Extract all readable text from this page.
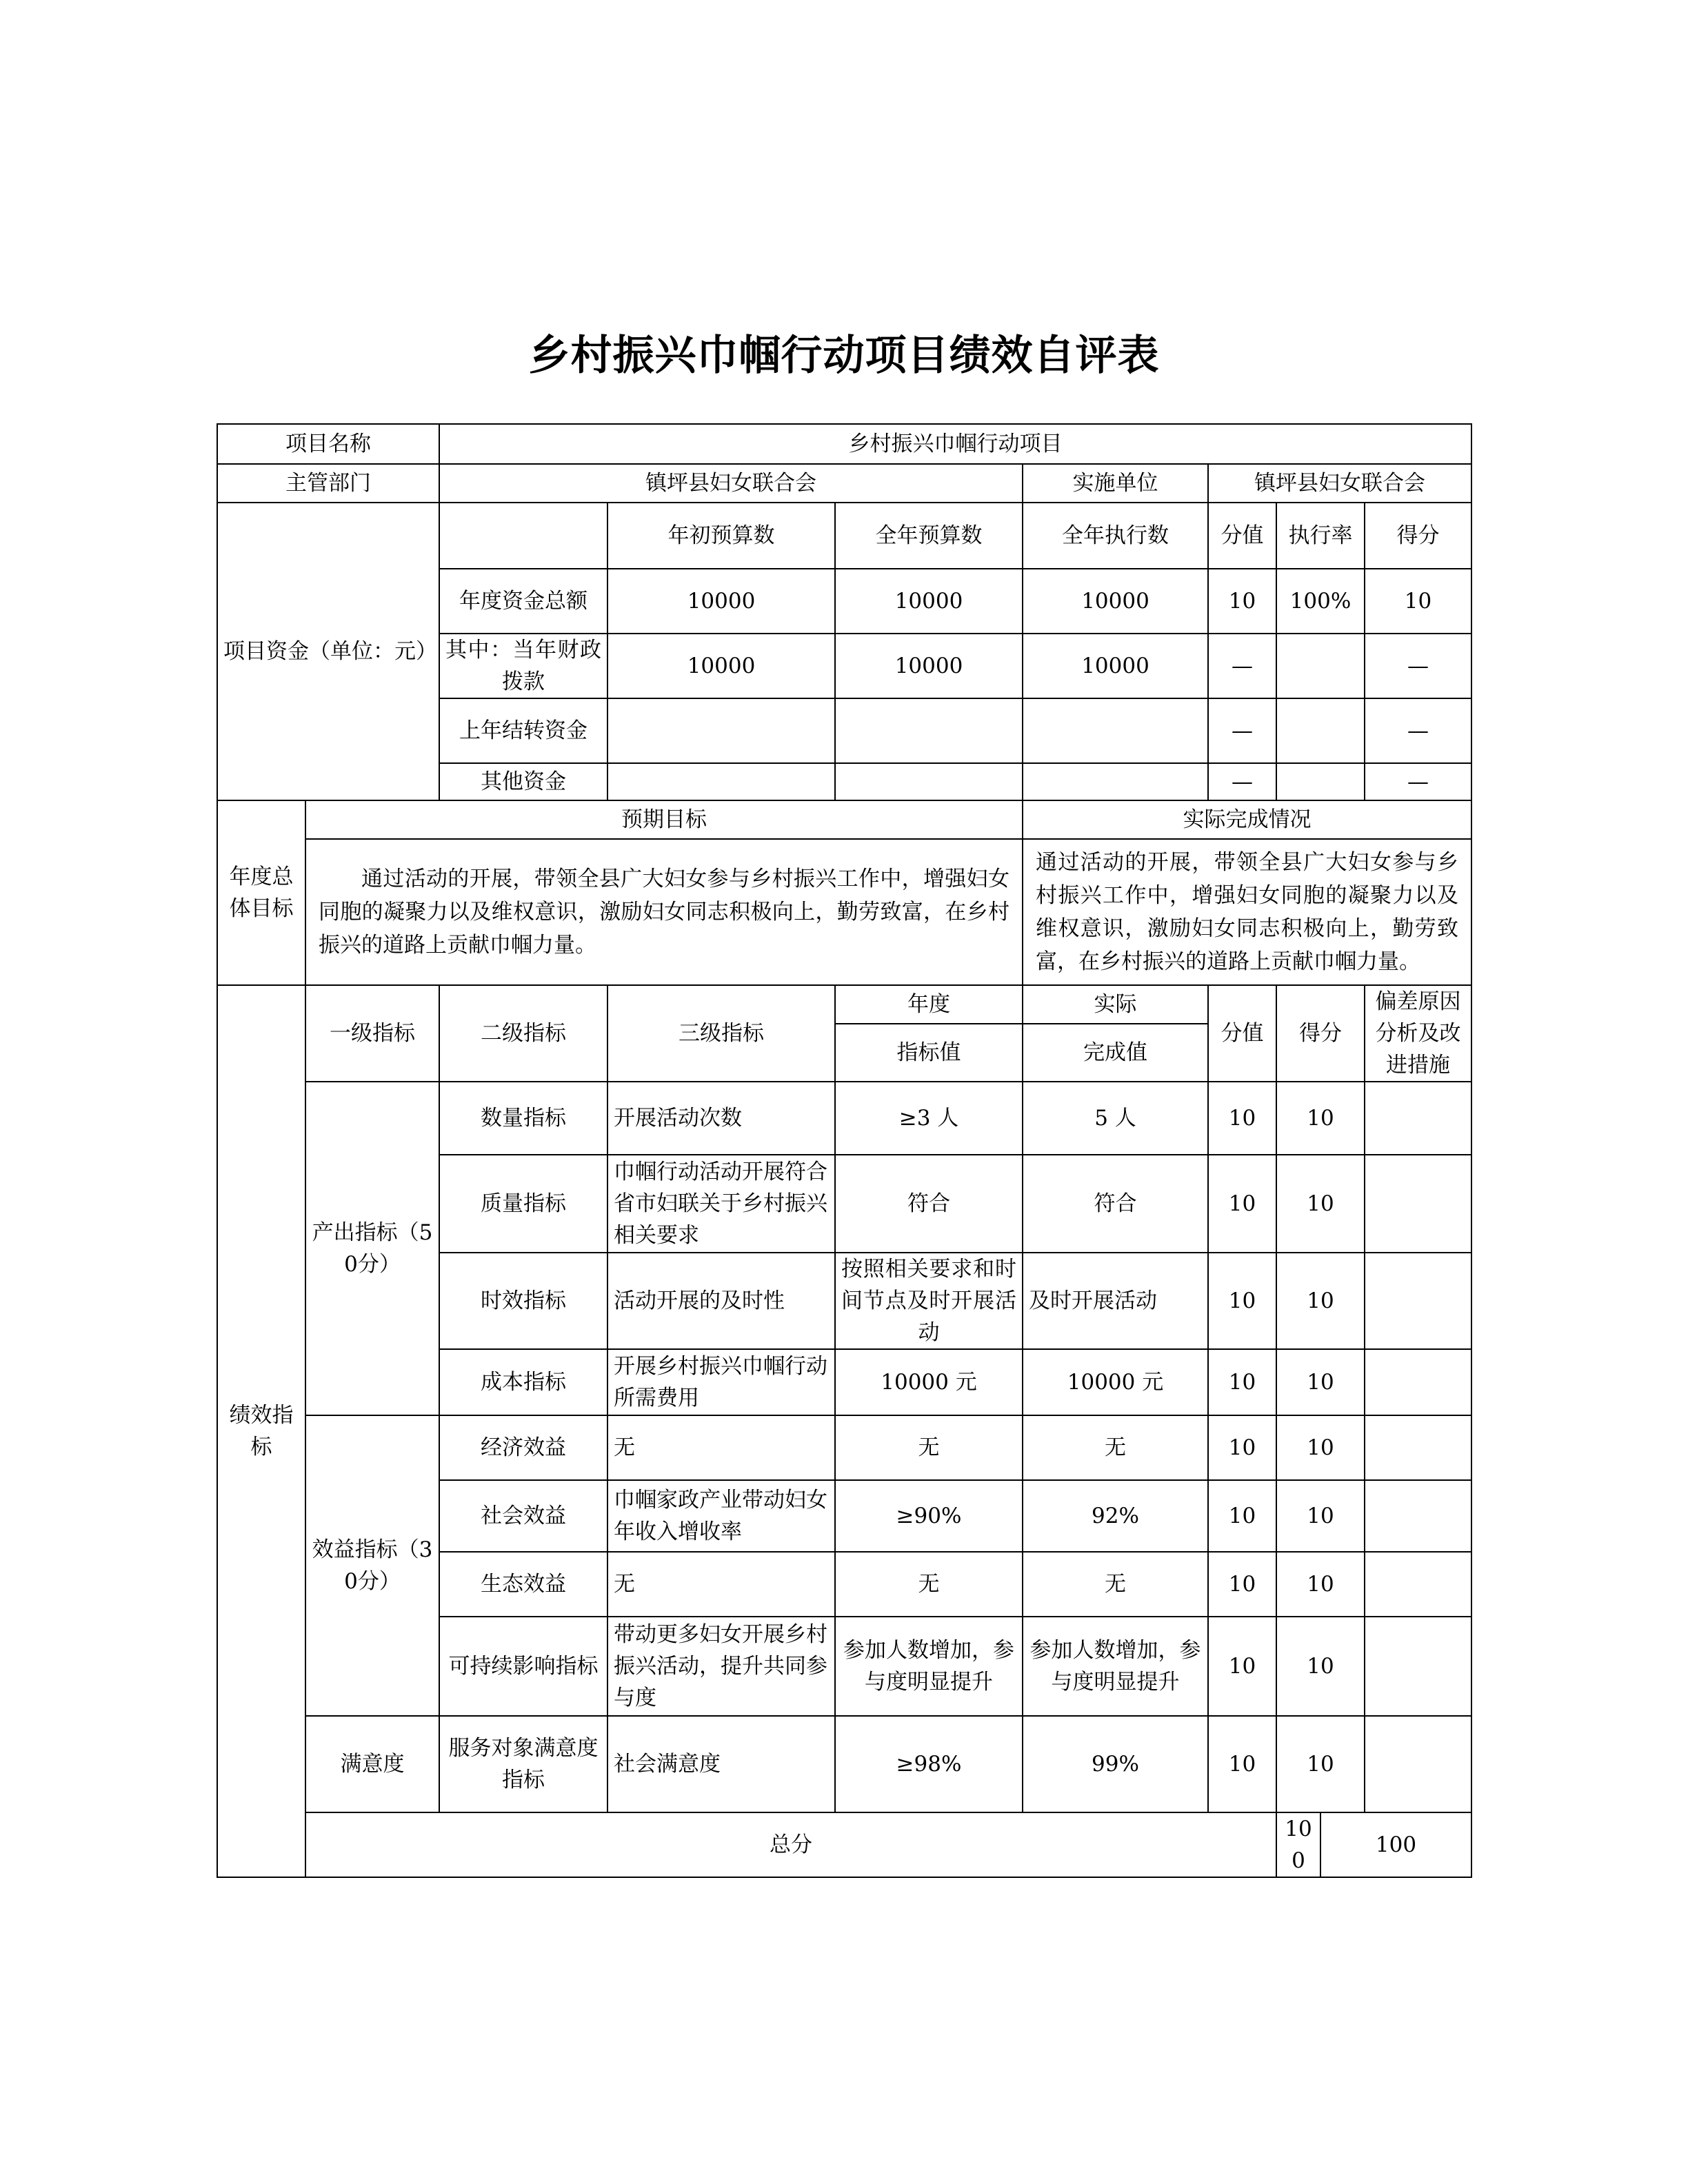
乡村振兴巾帼行动项目绩效自评表
项目名称		乡村振兴巾帼行动项目								
主管部门		镇坪县妇女联合会			实施单位	镇坪县妇女联合会				
项目资金（单位：元）			年初预算数	全年预算数	全年执行数	分值	执行率		得分	
		年度资金总额	10000	10000	10000	10	100%		10	
		其中：当年财政拨款	10000	10000	10000	—			—	
		上年结转资金				—			—	
		其他资金				—			—	
年度总体目标	预期目标				实际完成情况					
	通过活动的开展，带领全县广大妇女参与乡村振兴工作中，增强妇女同胞的凝聚力以及维权意识，激励妇女同志积极向上，勤劳致富，在乡村振兴的道路上贡献巾帼力量。				通过活动的开展，带领全县广大妇女参与乡村振兴工作中，增强妇女同胞的凝聚力以及维权意识，激励妇女同志积极向上，勤劳致富，在乡村振兴的道路上贡献巾帼力量。					
绩效指标	一级指标	二级指标	三级指标	年度	实际	分值	得分		偏差原因分析及改进措施	
				指标值	完成值					
	产出指标（50分）	数量指标	开展活动次数	≥3 人	5 人	10	10			
		质量指标	巾帼行动活动开展符合省市妇联关于乡村振兴相关要求	符合	符合	10	10			
		时效指标	活动开展的及时性	按照相关要求和时间节点及时开展活动	及时开展活动	10	10			
		成本指标	开展乡村振兴巾帼行动所需费用	10000 元	10000 元	10	10			
	效益指标（30分）	经济效益	无	无	无	10	10			
		社会效益	巾帼家政产业带动妇女年收入增收率	≥90%	92%	10	10			
		生态效益	无	无	无	10	10			
		可持续影响指标	带动更多妇女开展乡村振兴活动，提升共同参与度	参加人数增加，参与度明显提升	参加人数增加，参与度明显提升	10	10			
	满意度	服务对象满意度指标	社会满意度	≥98%	99%	10	10			
	总分						100	100		
